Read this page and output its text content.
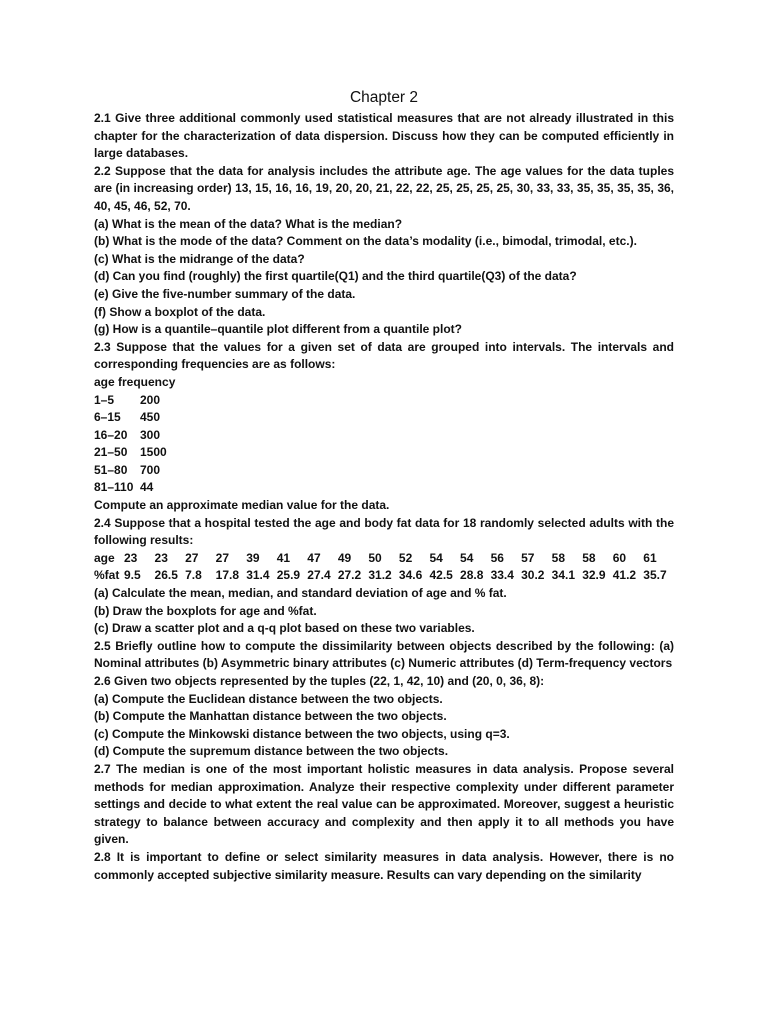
Chapter 2
2.1 Give three additional commonly used statistical measures that are not already illustrated in this chapter for the characterization of data dispersion. Discuss how they can be computed efficiently in large databases.
2.2 Suppose that the data for analysis includes the attribute age. The age values for the data tuples are (in increasing order) 13, 15, 16, 16, 19, 20, 20, 21, 22, 22, 25, 25, 25, 25, 30, 33, 33, 35, 35, 35, 35, 36, 40, 45, 46, 52, 70.
(a) What is the mean of the data? What is the median?
(b) What is the mode of the data? Comment on the data’s modality (i.e., bimodal, trimodal, etc.).
(c) What is the midrange of the data?
(d) Can you find (roughly) the first quartile(Q1) and the third quartile(Q3) of the data?
(e) Give the five-number summary of the data.
(f) Show a boxplot of the data.
(g) How is a quantile–quantile plot different from a quantile plot?
2.3 Suppose that the values for a given set of data are grouped into intervals. The intervals and corresponding frequencies are as follows:
age frequency
1–5	200
6–15	450
16–20	300
21–50	1500
51–80	700
81–110	44
Compute an approximate median value for the data.
2.4 Suppose that a hospital tested the age and body fat data for 18 randomly selected adults with the following results:
age	23	23	27	27	39	41	47	49	50	52	54	54	56	57	58	58	60	61
%fat	9.5	26.5	7.8	17.8	31.4	25.9	27.4	27.2	31.2	34.6	42.5	28.8	33.4	30.2	34.1	32.9	41.2	35.7
(a) Calculate the mean, median, and standard deviation of age and % fat.
(b) Draw the boxplots for age and %fat.
(c) Draw a scatter plot and a q-q plot based on these two variables.
2.5 Briefly outline how to compute the dissimilarity between objects described by the following: (a) Nominal attributes (b) Asymmetric binary attributes (c) Numeric attributes (d) Term-frequency vectors
2.6 Given two objects represented by the tuples (22, 1, 42, 10) and (20, 0, 36, 8):
(a) Compute the Euclidean distance between the two objects.
(b) Compute the Manhattan distance between the two objects.
(c) Compute the Minkowski distance between the two objects, using q=3.
(d) Compute the supremum distance between the two objects.
2.7 The median is one of the most important holistic measures in data analysis. Propose several methods for median approximation. Analyze their respective complexity under different parameter settings and decide to what extent the real value can be approximated. Moreover, suggest a heuristic strategy to balance between accuracy and complexity and then apply it to all methods you have given.
2.8 It is important to define or select similarity measures in data analysis. However, there is no commonly accepted subjective similarity measure. Results can vary depending on the similarity
